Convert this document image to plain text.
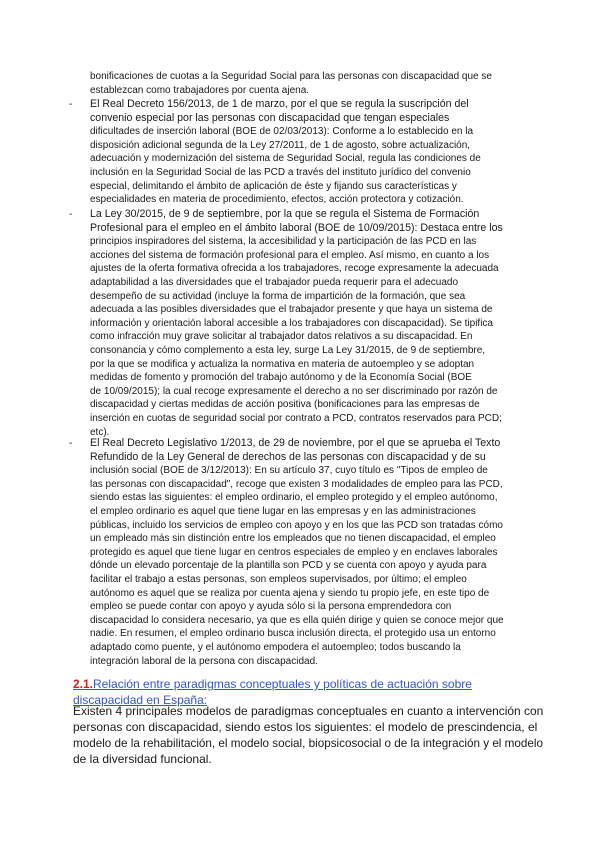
bonificaciones de cuotas a la Seguridad Social para las personas con discapacidad que se
establezcan como trabajadores por cuenta ajena.
- El Real Decreto 156/2013, de 1 de marzo, por el que se regula la suscripción del
convenio especial por las personas con discapacidad que tengan especiales
dificultades de inserción laboral (BOE de 02/03/2013): Conforme a lo establecido en la
disposición adicional segunda de la Ley 27/2011, de 1 de agosto, sobre actualización,
adecuación y modernización del sistema de Seguridad Social, regula las condiciones de
inclusión en la Seguridad Social de las PCD a través del instituto jurídico del convenio
especial, delimitando el ámbito de aplicación de éste y fijando sus características y
especialidades en materia de procedimiento, efectos, acción protectora y cotización.
- La Ley 30/2015, de 9 de septiembre, por la que se regula el Sistema de Formación
Profesional para el empleo en el ámbito laboral (BOE de 10/09/2015): Destaca entre los
principios inspiradores del sistema, la accesibilidad y la participación de las PCD en las
acciones del sistema de formación profesional para el empleo. Así mismo, en cuanto a los
ajustes de la oferta formativa ofrecida a los trabajadores, recoge expresamente la adecuada
adaptabilidad a las diversidades que el trabajador pueda requerir para el adecuado
desempeño de su actividad (incluye la forma de impartición de la formación, que sea
adecuada a las posibles diversidades que el trabajador presente y que haya un sistema de
información y orientación laboral accesible a los trabajadores con discapacidad). Se tipifica
como infracción muy grave solicitar al trabajador datos relativos a su discapacidad. En
consonancia y cómo complemento a esta ley, surge La Ley 31/2015, de 9 de septiembre,
por la que se modifica y actualiza la normativa en materia de autoempleo y se adoptan
medidas de fomento y promoción del trabajo autónomo y de la Economía Social (BOE
de 10/09/2015); la cual recoge expresamente el derecho a no ser discriminado por razón de
discapacidad y ciertas medidas de acción positiva (bonificaciones para las empresas de
inserción en cuotas de seguridad social por contrato a PCD, contratos reservados para PCD;
etc).
- El Real Decreto Legislativo 1/2013, de 29 de noviembre, por el que se aprueba el Texto
Refundido de la Ley General de derechos de las personas con discapacidad y de su
inclusión social (BOE de 3/12/2013): En su artículo 37, cuyo título es "Tipos de empleo de
las personas con discapacidad", recoge que existen 3 modalidades de empleo para las PCD,
siendo estas las siguientes: el empleo ordinario, el empleo protegido y el empleo autónomo,
el empleo ordinario es aquel que tiene lugar en las empresas y en las administraciones
públicas, incluido los servicios de empleo con apoyo y en los que las PCD son tratadas cómo
un empleado más sin distinción entre los empleados que no tienen discapacidad, el empleo
protegido es aquel que tiene lugar en centros especiales de empleo y en enclaves laborales
dónde un elevado porcentaje de la plantilla son PCD y se cuenta con apoyo y ayuda para
facilitar el trabajo a estas personas, son empleos supervisados, por último; el empleo
autónomo es aquel que se realiza por cuenta ajena y siendo tu propio jefe, en este tipo de
empleo se puede contar con apoyo y ayuda sólo si la persona emprendedora con
discapacidad lo considera necesario, ya que es ella quién dirige y quien se conoce mejor que
nadie. En resumen, el empleo ordinario busca inclusión directa, el protegido usa un entorno
adaptado como puente, y el autónomo empodera el autoempleo; todos buscando la
integración laboral de la persona con discapacidad.
2.1.Relación entre paradigmas conceptuales y políticas de actuación sobre
discapacidad en España:
Existen 4 principales modelos de paradigmas conceptuales en cuanto a intervención con
personas con discapacidad, siendo estos los siguientes: el modelo de prescindencia, el
modelo de la rehabilitación, el modelo social, biopsicosocial o de la integración y el modelo
de la diversidad funcional.
